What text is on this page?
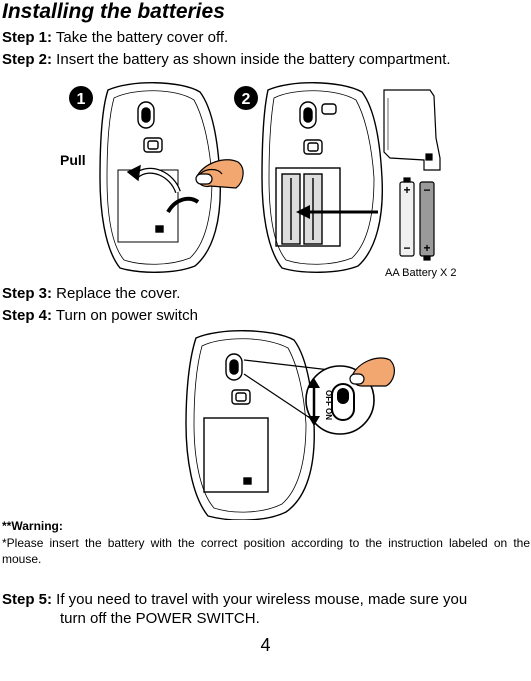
Installing the batteries
Step 1: Take the battery cover off.
Step 2: Insert the battery as shown inside the battery compartment.
1
Pull
2
+
−
−
+
AA Battery X 2
Step 3: Replace the cover.
Step 4: Turn on power switch
OFF
ON
**Warning:
*Please insert the battery with the correct position according to the instruction labeled on the mouse.
Step 5: If you need to travel with your wireless mouse, made sure you
turn off the POWER SWITCH.
4
